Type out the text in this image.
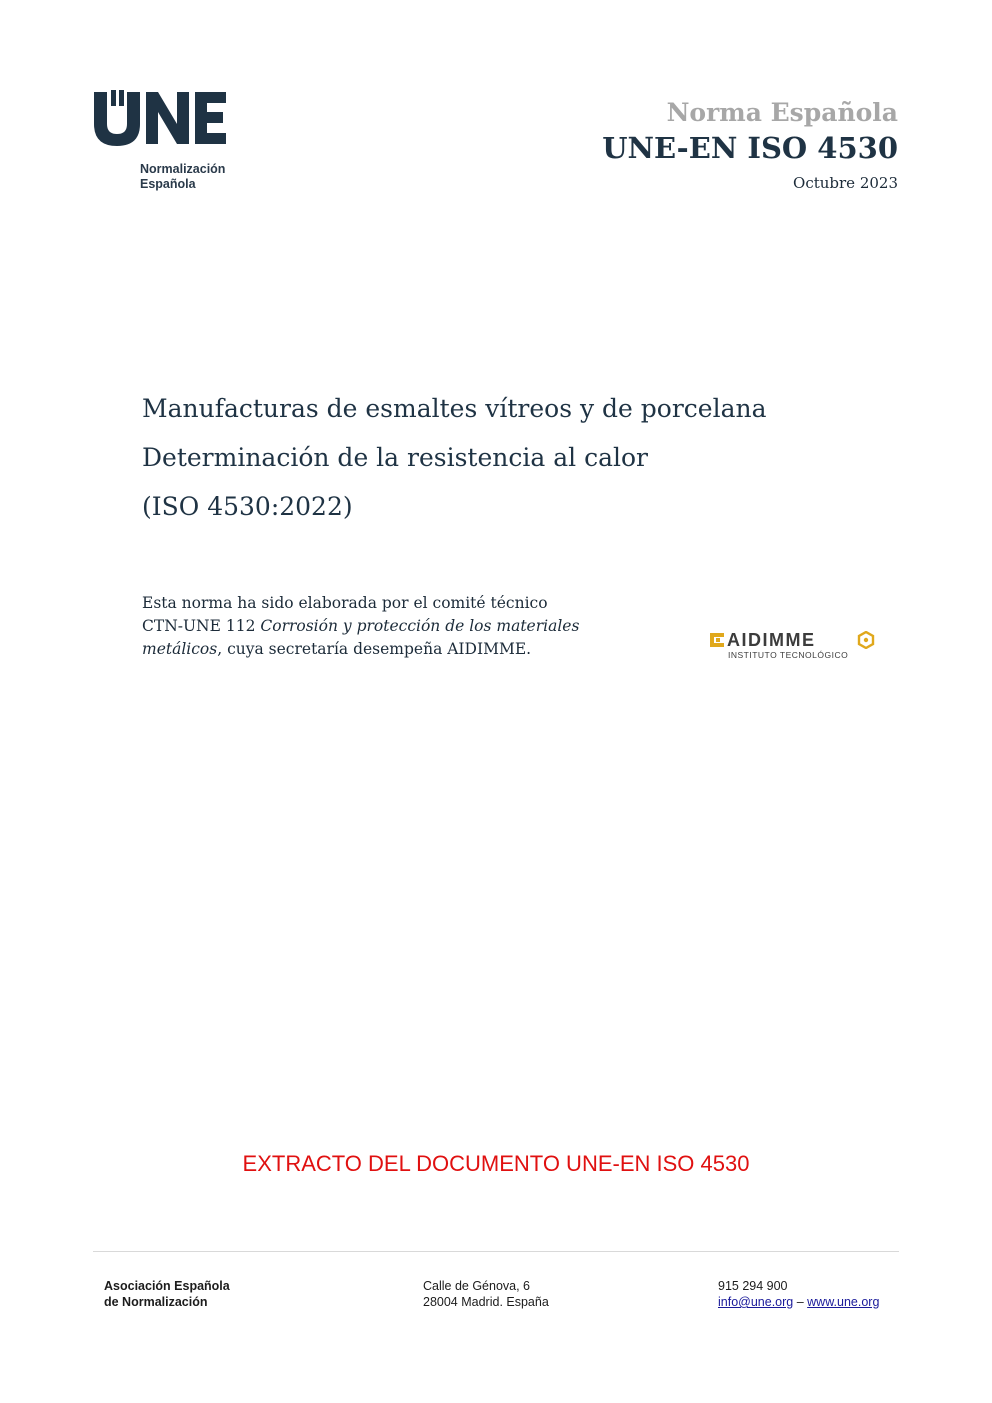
Normalización
Española
Norma Española
UNE-EN ISO 4530
Octubre 2023
Manufacturas de esmaltes vítreos y de porcelana
Determinación de la resistencia al calor
(ISO 4530:2022)
Esta norma ha sido elaborada por el comité técnico
CTN-UNE 112 Corrosión y protección de los materiales metálicos, cuya secretaría desempeña AIDIMME.	AIDIMME
INSTITUTO TECNOLÓGICO
EXTRACTO DEL DOCUMENTO UNE-EN ISO 4530
Asociación Española
de Normalización
Calle de Génova, 6
28004 Madrid. España
915 294 900
info@une.org – www.une.org
